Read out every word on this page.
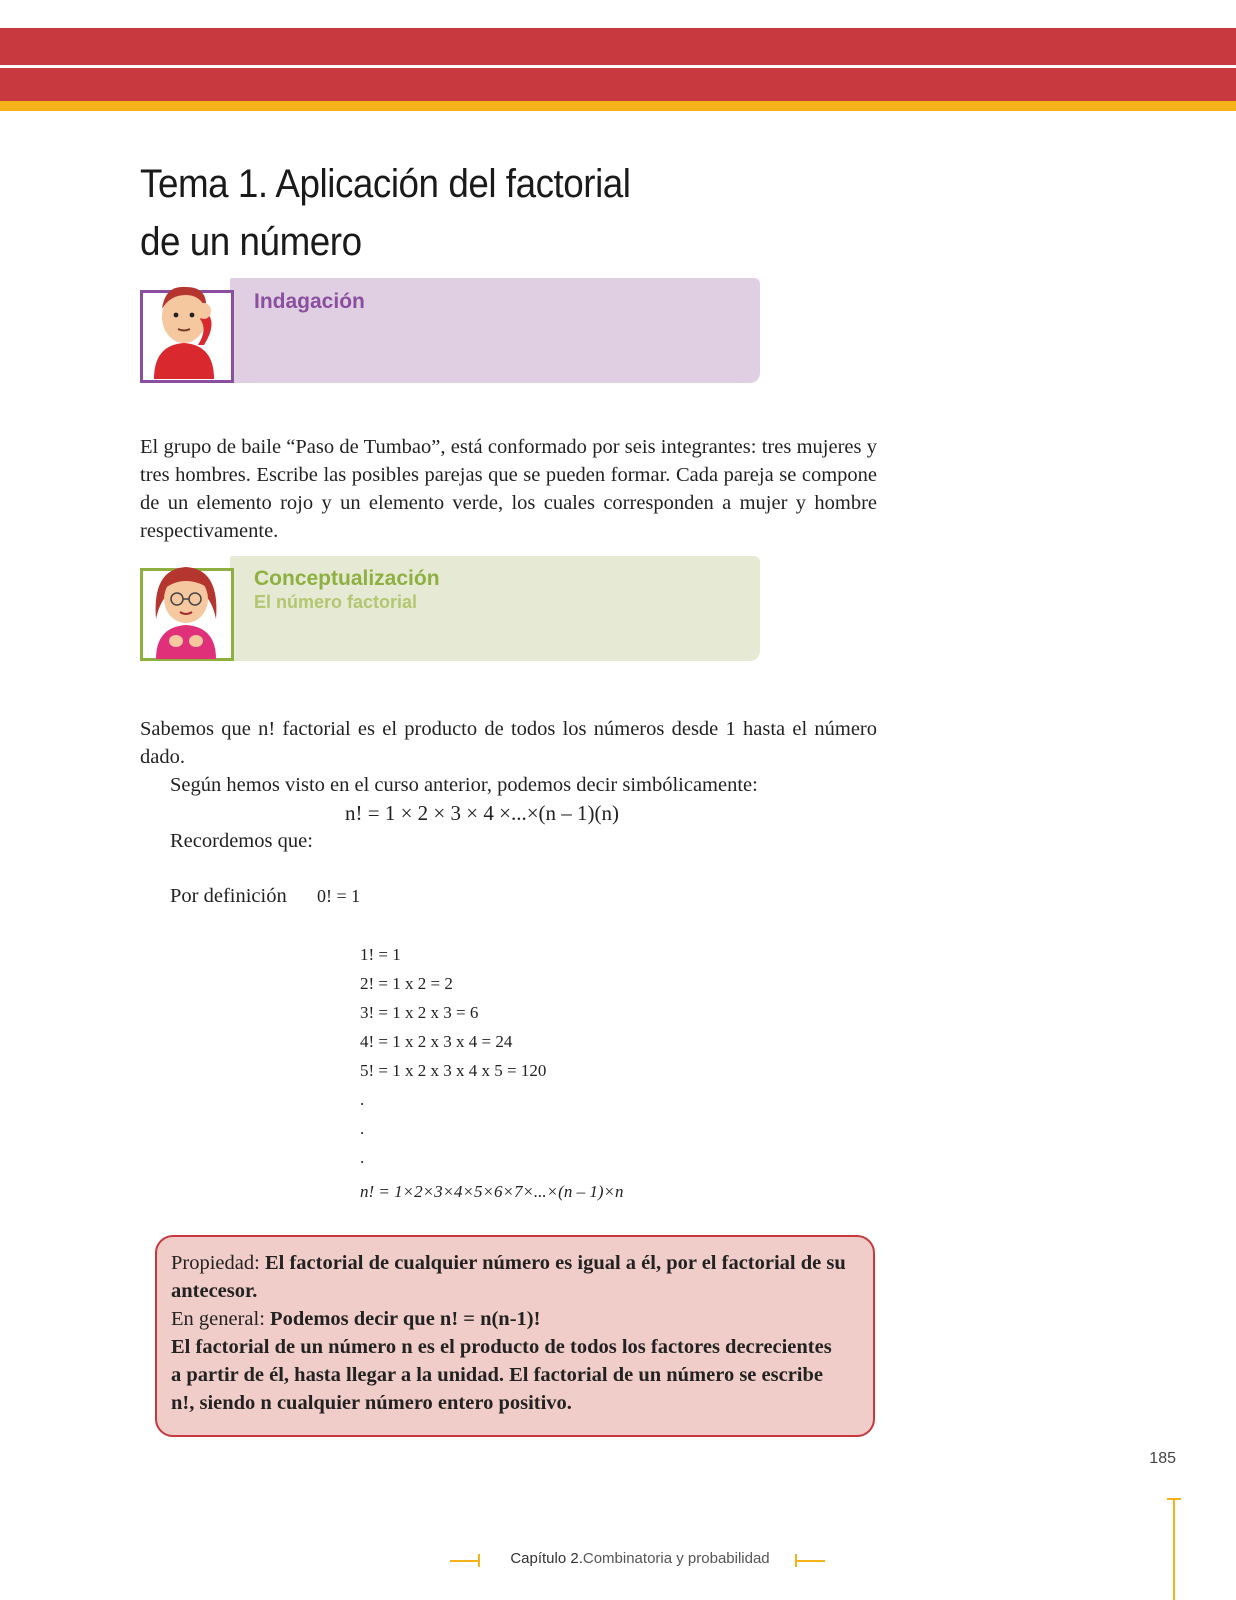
Tema 1. Aplicación del factorial
de un número
Indagación

El grupo de baile “Paso de Tumbao”, está conformado por seis integrantes: tres mujeres y tres hombres. Escribe las posibles parejas que se pueden formar. Cada pareja se compone de un elemento rojo y un elemento verde, los cuales corresponden a mujer y hombre respectivamente.

Conceptualización
El número factorial

Sabemos que n! factorial es el producto de todos los números desde 1 hasta el número dado.

Según hemos visto en el curso anterior, podemos decir simbólicamente:
n! = 1 × 2 × 3 × 4 ×...×(n – 1)(n)
Recordemos que:
Por definición 0! = 1
1! = 1
2! = 1 x 2 = 2
3! = 1 x 2 x 3 = 6
4! = 1 x 2 x 3 x 4 = 24
5! = 1 x 2 x 3 x 4 x 5 = 120
.
.
.
n! = 1×2×3×4×5×6×7×...×(n – 1)×n
Propiedad: El factorial de cualquier número es igual a él, por el factorial de su antecesor.
En general: Podemos decir que n! = n(n-1)!
El factorial de un número n es el producto de todos los factores decrecientes a partir de él, hasta llegar a la unidad. El factorial de un número se escribe n!, siendo n cualquier número entero positivo.
185
Capítulo 2.Combinatoria y probabilidad
